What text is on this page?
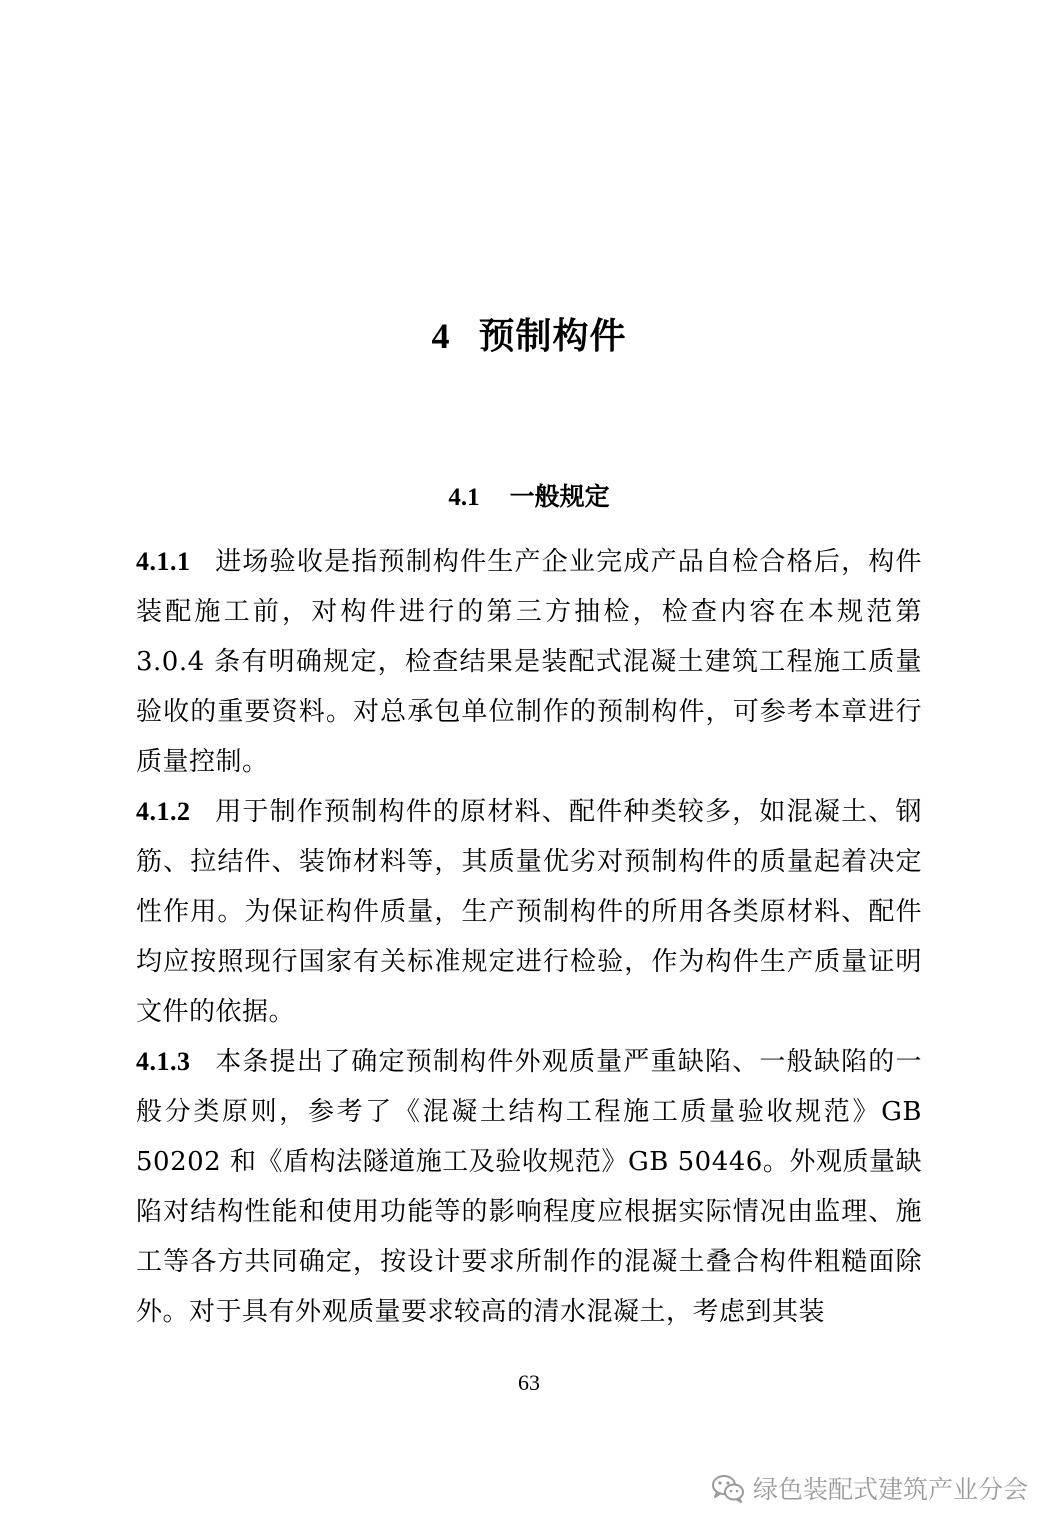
4 预制构件
4.1 一般规定

4.1.1 进场验收是指预制构件生产企业完成产品自检合格后，构件装配施工前，对构件进行的第三方抽检，检查内容在本规范第 3.0.4 条有明确规定，检查结果是装配式混凝土建筑工程施工质量验收的重要资料。对总承包单位制作的预制构件，可参考本章进行质量控制。

4.1.2 用于制作预制构件的原材料、配件种类较多，如混凝土、钢筋、拉结件、装饰材料等，其质量优劣对预制构件的质量起着决定性作用。为保证构件质量，生产预制构件的所用各类原材料、配件均应按照现行国家有关标准规定进行检验，作为构件生产质量证明文件的依据。

4.1.3 本条提出了确定预制构件外观质量严重缺陷、一般缺陷的一般分类原则，参考了《混凝土结构工程施工质量验收规范》GB 50202 和《盾构法隧道施工及验收规范》GB 50446。外观质量缺陷对结构性能和使用功能等的影响程度应根据实际情况由监理、施工等各方共同确定，按设计要求所制作的混凝土叠合构件粗糙面除外。对于具有外观质量要求较高的清水混凝土，考虑到其装

63
绿色装配式建筑产业分会
